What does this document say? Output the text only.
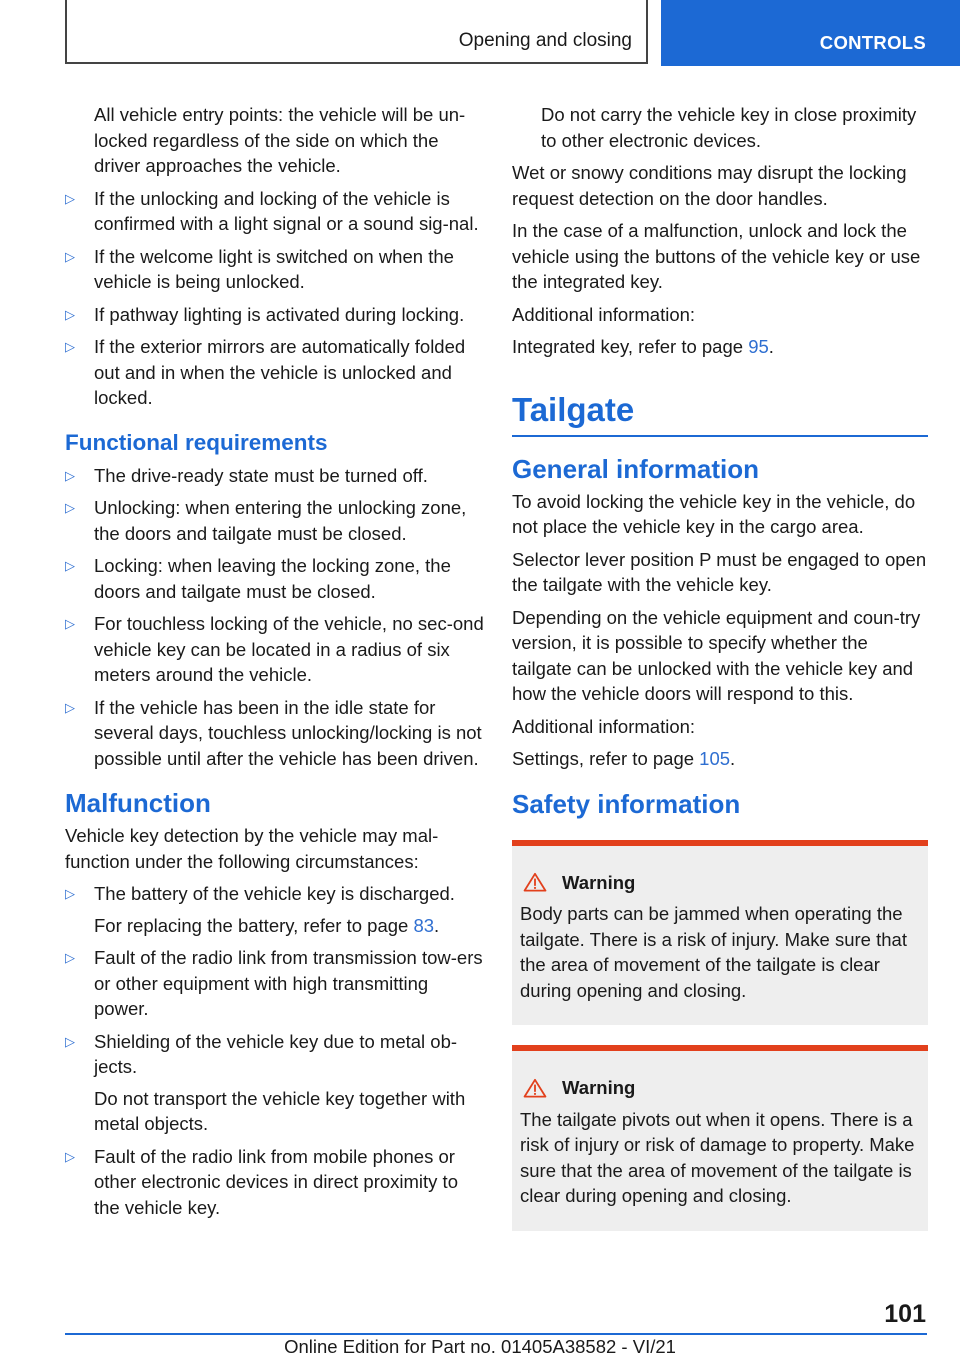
Opening and closing	CONTROLS

All vehicle entry points: the vehicle will be un-locked regardless of the side on which the driver approaches the vehicle.

▷ If the unlocking and locking of the vehicle is confirmed with a light signal or a sound sig-nal.
▷ If the welcome light is switched on when the vehicle is being unlocked.
▷ If pathway lighting is activated during locking.
▷ If the exterior mirrors are automatically folded out and in when the vehicle is unlocked and locked.
Functional requirements
▷ The drive-ready state must be turned off.
▷ Unlocking: when entering the unlocking zone, the doors and tailgate must be closed.
▷ Locking: when leaving the locking zone, the doors and tailgate must be closed.
▷ For touchless locking of the vehicle, no sec-ond vehicle key can be located in a radius of six meters around the vehicle.
▷ If the vehicle has been in the idle state for several days, touchless unlocking/locking is not possible until after the vehicle has been driven.
Malfunction

Vehicle key detection by the vehicle may mal-function under the following circumstances:

▷ The battery of the vehicle key is discharged.
For replacing the battery, refer to page 83.
▷ Fault of the radio link from transmission tow-ers or other equipment with high transmitting power.
▷ Shielding of the vehicle key due to metal ob-jects.
Do not transport the vehicle key together with metal objects.
▷ Fault of the radio link from mobile phones or other electronic devices in direct proximity to the vehicle key.

Do not carry the vehicle key in close proximity to other electronic devices.

Wet or snowy conditions may disrupt the locking request detection on the door handles.

In the case of a malfunction, unlock and lock the vehicle using the buttons of the vehicle key or use the integrated key.

Additional information:

Integrated key, refer to page 95.

Tailgate
General information

To avoid locking the vehicle key in the vehicle, do not place the vehicle key in the cargo area.

Selector lever position P must be engaged to open the tailgate with the vehicle key.

Depending on the vehicle equipment and coun-try version, it is possible to specify whether the tailgate can be unlocked with the vehicle key and how the vehicle doors will respond to this.

Additional information:

Settings, refer to page 105.

Safety information
Warning

Body parts can be jammed when operating the tailgate. There is a risk of injury. Make sure that the area of movement of the tailgate is clear during opening and closing.

Warning

The tailgate pivots out when it opens. There is a risk of injury or risk of damage to property. Make sure that the area of movement of the tailgate is clear during opening and closing.

101
Online Edition for Part no. 01405A38582 - VI/21
